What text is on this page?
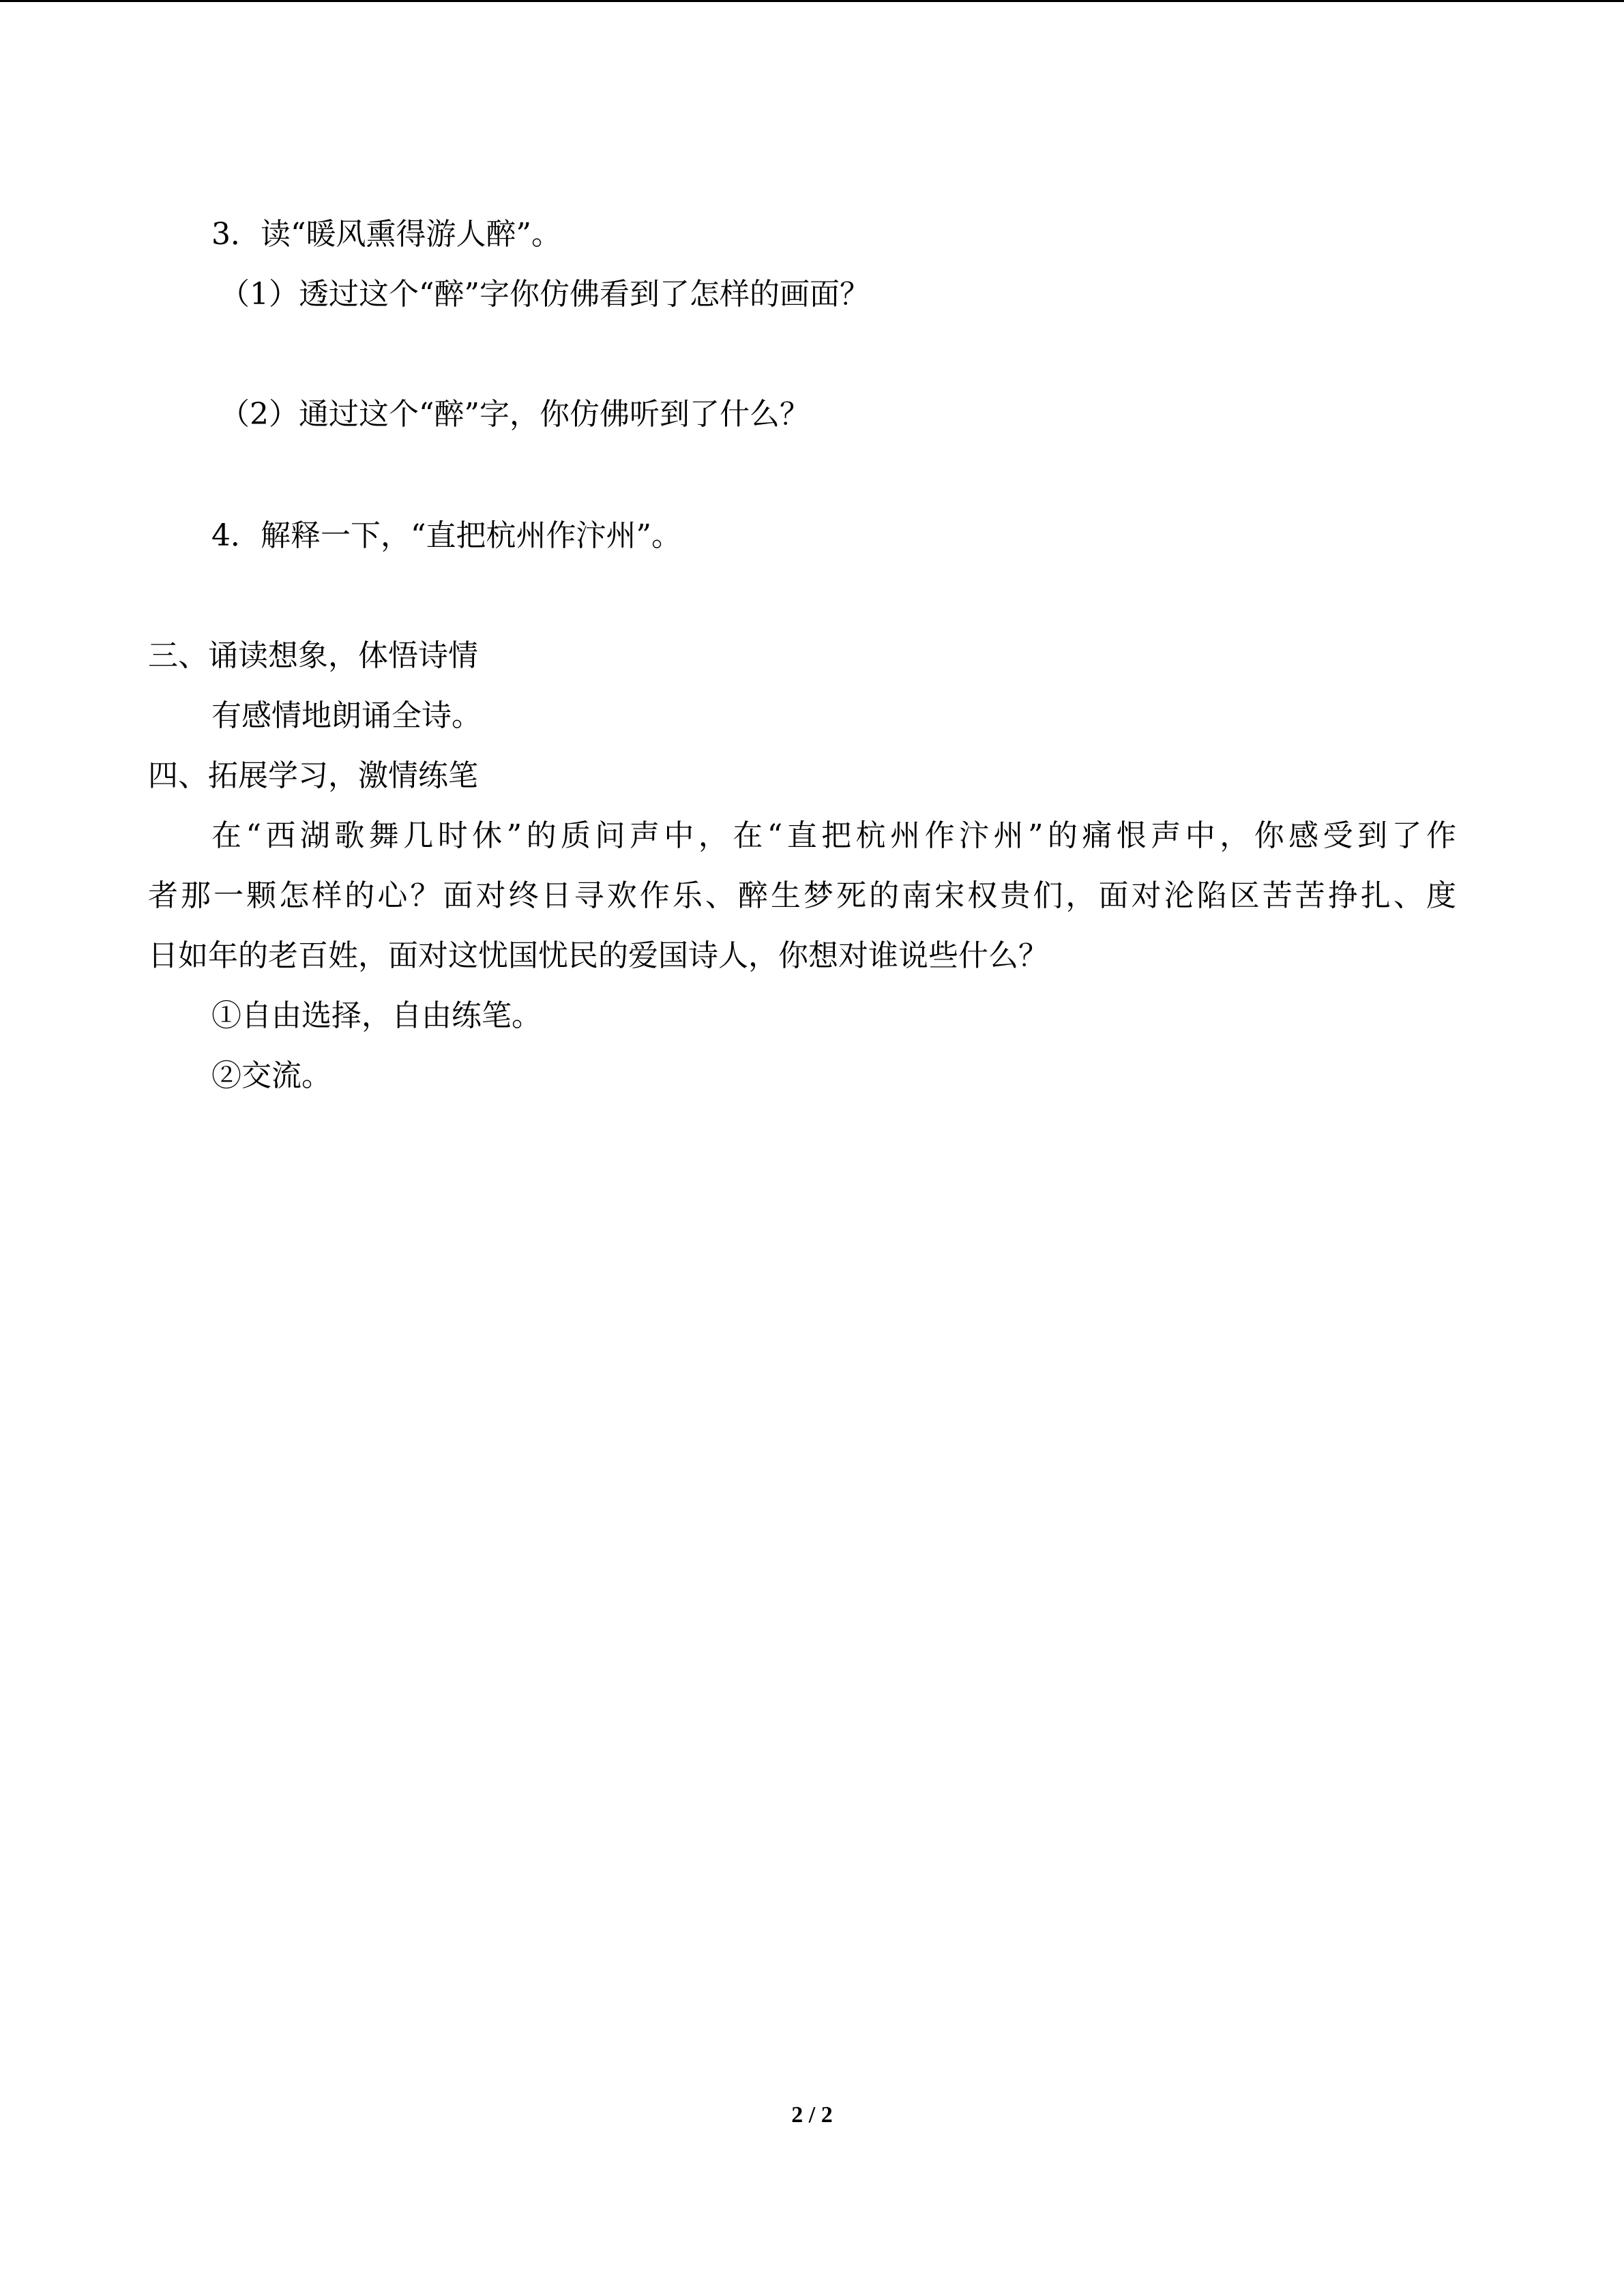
3．读“暖风熏得游人醉”。
（1）透过这个“醉”字你仿佛看到了怎样的画面？
（2）通过这个“醉”字，你仿佛听到了什么？
4．解释一下，“直把杭州作汴州”。
三、诵读想象，体悟诗情
有感情地朗诵全诗。
四、拓展学习，激情练笔
在“西湖歌舞几时休”的质问声中，在“直把杭州作汴州”的痛恨声中，你感受到了作
者那一颗怎样的心？面对终日寻欢作乐、醉生梦死的南宋权贵们，面对沦陷区苦苦挣扎、度
日如年的老百姓，面对这忧国忧民的爱国诗人，你想对谁说些什么？
①自由选择，自由练笔。
②交流。
2 / 2
